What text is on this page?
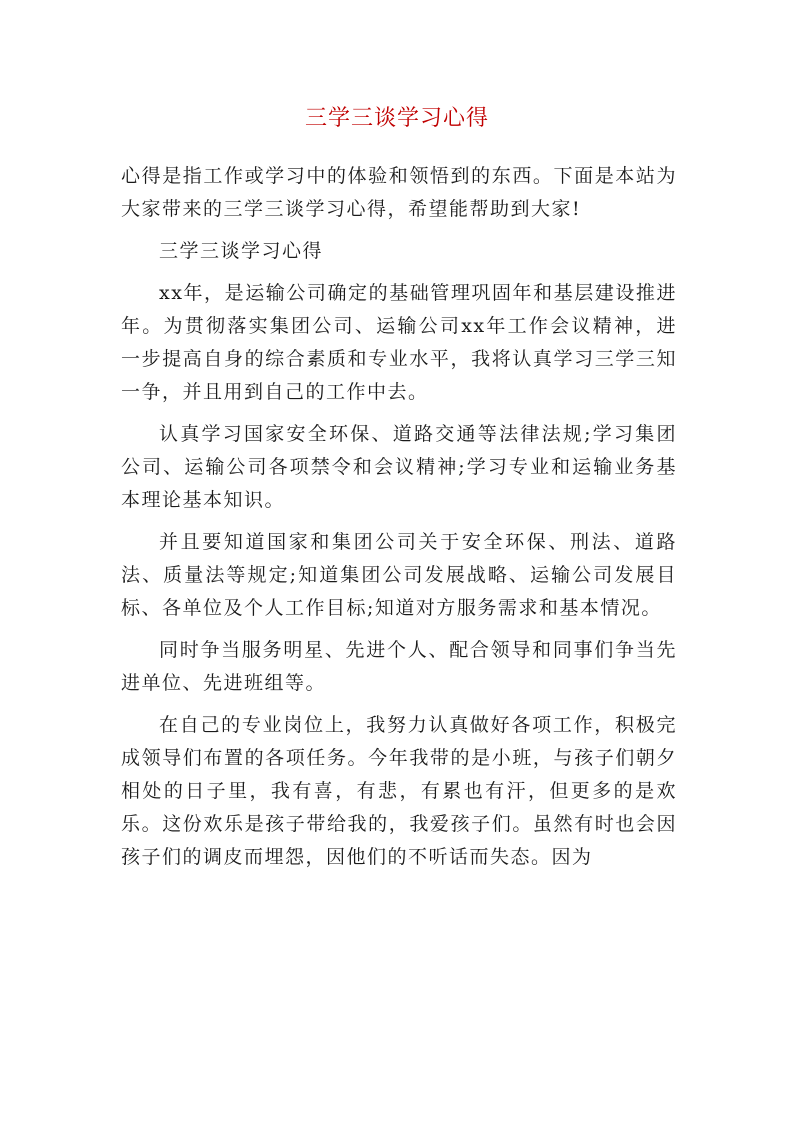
三学三谈学习心得

心得是指工作或学习中的体验和领悟到的东西。下面是本站为大家带来的三学三谈学习心得，希望能帮助到大家!

三学三谈学习心得

xx年，是运输公司确定的基础管理巩固年和基层建设推进年。为贯彻落实集团公司、运输公司xx年工作会议精神，进一步提高自身的综合素质和专业水平，我将认真学习三学三知一争，并且用到自己的工作中去。

认真学习国家安全环保、道路交通等法律法规;学习集团公司、运输公司各项禁令和会议精神;学习专业和运输业务基本理论基本知识。

并且要知道国家和集团公司关于安全环保、刑法、道路法、质量法等规定;知道集团公司发展战略、运输公司发展目标、各单位及个人工作目标;知道对方服务需求和基本情况。

同时争当服务明星、先进个人、配合领导和同事们争当先进单位、先进班组等。

在自己的专业岗位上，我努力认真做好各项工作，积极完成领导们布置的各项任务。今年我带的是小班，与孩子们朝夕相处的日子里，我有喜，有悲，有累也有汗，但更多的是欢乐。这份欢乐是孩子带给我的，我爱孩子们。虽然有时也会因孩子们的调皮而埋怨，因他们的不听话而失态。因为
